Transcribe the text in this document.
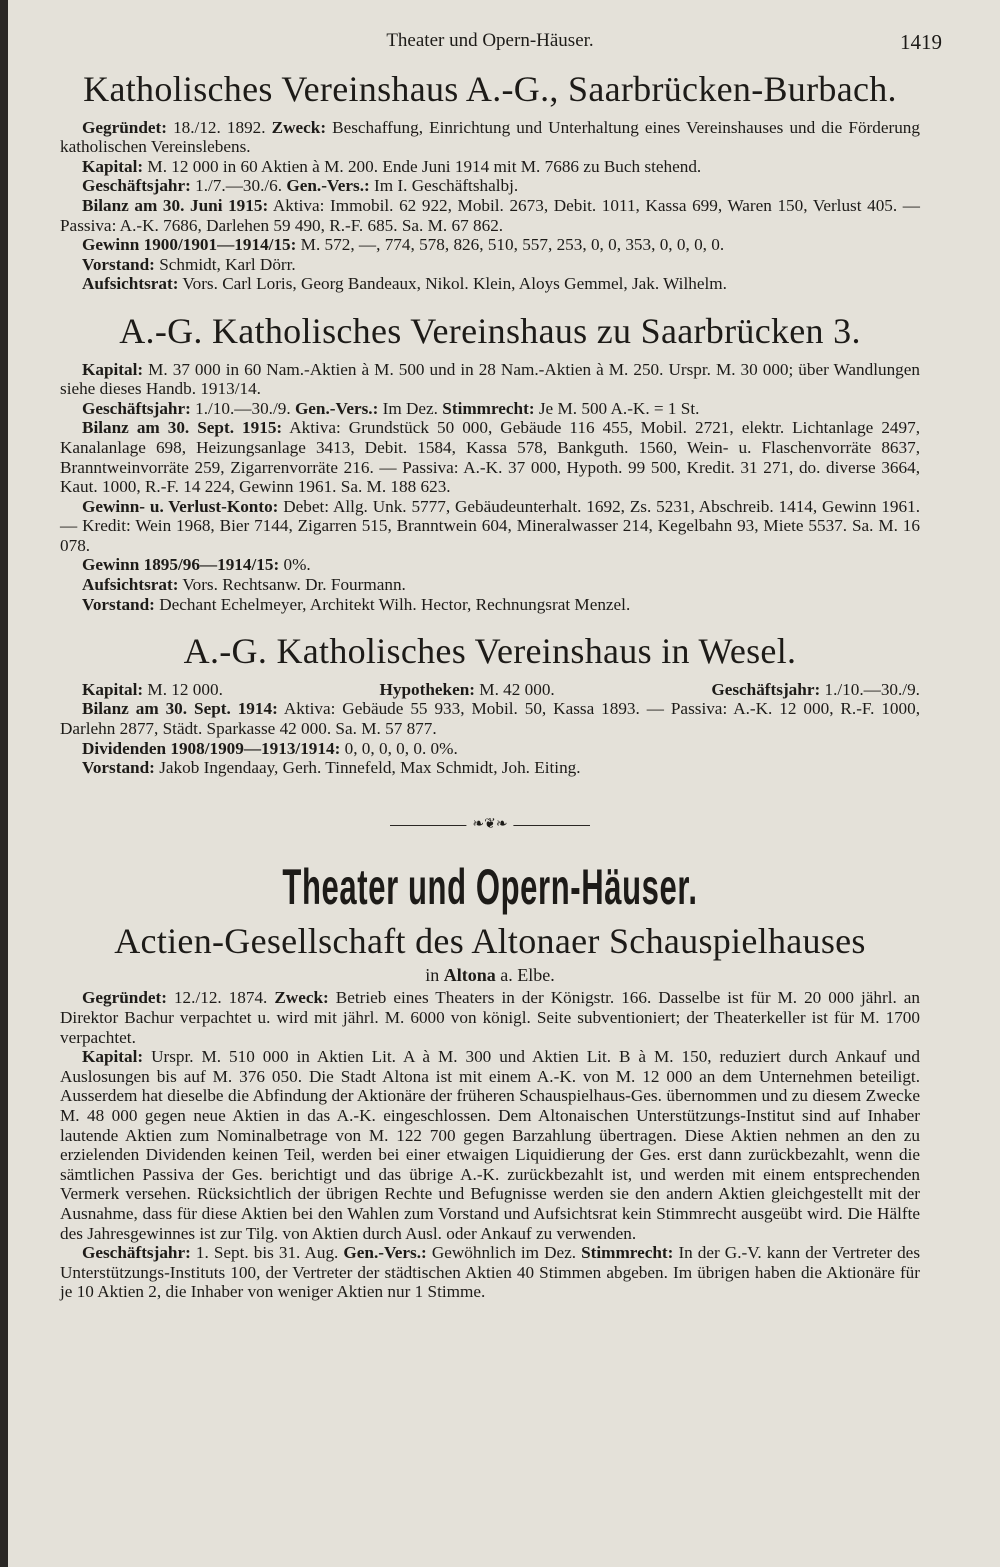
Theater und Opern-Häuser.	1419
Katholisches Vereinshaus A.-G., Saarbrücken-Burbach.

Gegründet: 18./12. 1892. Zweck: Beschaffung, Einrichtung und Unterhaltung eines Vereinshauses und die Förderung katholischen Vereinslebens.

Kapital: M. 12 000 in 60 Aktien à M. 200. Ende Juni 1914 mit M. 7686 zu Buch stehend.

Geschäftsjahr: 1./7.—30./6. Gen.-Vers.: Im I. Geschäftshalbj.

Bilanz am 30. Juni 1915: Aktiva: Immobil. 62 922, Mobil. 2673, Debit. 1011, Kassa 699, Waren 150, Verlust 405. — Passiva: A.-K. 7686, Darlehen 59 490, R.-F. 685. Sa. M. 67 862.

Gewinn 1900/1901—1914/15: M. 572, —, 774, 578, 826, 510, 557, 253, 0, 0, 353, 0, 0, 0, 0.

Vorstand: Schmidt, Karl Dörr.

Aufsichtsrat: Vors. Carl Loris, Georg Bandeaux, Nikol. Klein, Aloys Gemmel, Jak. Wilhelm.

A.-G. Katholisches Vereinshaus zu Saarbrücken 3.

Kapital: M. 37 000 in 60 Nam.-Aktien à M. 500 und in 28 Nam.-Aktien à M. 250. Urspr. M. 30 000; über Wandlungen siehe dieses Handb. 1913/14.

Geschäftsjahr: 1./10.—30./9. Gen.-Vers.: Im Dez. Stimmrecht: Je M. 500 A.-K. = 1 St.

Bilanz am 30. Sept. 1915: Aktiva: Grundstück 50 000, Gebäude 116 455, Mobil. 2721, elektr. Lichtanlage 2497, Kanalanlage 698, Heizungsanlage 3413, Debit. 1584, Kassa 578, Bankguth. 1560, Wein- u. Flaschenvorräte 8637, Branntweinvorräte 259, Zigarrenvorräte 216. — Passiva: A.-K. 37 000, Hypoth. 99 500, Kredit. 31 271, do. diverse 3664, Kaut. 1000, R.-F. 14 224, Gewinn 1961. Sa. M. 188 623.

Gewinn- u. Verlust-Konto: Debet: Allg. Unk. 5777, Gebäudeunterhalt. 1692, Zs. 5231, Abschreib. 1414, Gewinn 1961. — Kredit: Wein 1968, Bier 7144, Zigarren 515, Branntwein 604, Mineralwasser 214, Kegelbahn 93, Miete 5537. Sa. M. 16 078.

Gewinn 1895/96—1914/15: 0%.

Aufsichtsrat: Vors. Rechtsanw. Dr. Fourmann.

Vorstand: Dechant Echelmeyer, Architekt Wilh. Hector, Rechnungsrat Menzel.

A.-G. Katholisches Vereinshaus in Wesel.
Kapital: M. 12 000.	Hypotheken: M. 42 000.	Geschäftsjahr: 1./10.—30./9.

Bilanz am 30. Sept. 1914: Aktiva: Gebäude 55 933, Mobil. 50, Kassa 1893. — Passiva: A.-K. 12 000, R.-F. 1000, Darlehn 2877, Städt. Sparkasse 42 000. Sa. M. 57 877.

Dividenden 1908/1909—1913/1914: 0, 0, 0, 0, 0. 0%.

Vorstand: Jakob Ingendaay, Gerh. Tinnefeld, Max Schmidt, Joh. Eiting.

❧❦❧
Theater und Opern-Häuser.
Actien-Gesellschaft des Altonaer Schauspielhauses
in Altona a. Elbe.

Gegründet: 12./12. 1874. Zweck: Betrieb eines Theaters in der Königstr. 166. Dasselbe ist für M. 20 000 jährl. an Direktor Bachur verpachtet u. wird mit jährl. M. 6000 von königl. Seite subventioniert; der Theaterkeller ist für M. 1700 verpachtet.

Kapital: Urspr. M. 510 000 in Aktien Lit. A à M. 300 und Aktien Lit. B à M. 150, reduziert durch Ankauf und Auslosungen bis auf M. 376 050. Die Stadt Altona ist mit einem A.-K. von M. 12 000 an dem Unternehmen beteiligt. Ausserdem hat dieselbe die Abfindung der Aktionäre der früheren Schauspielhaus-Ges. übernommen und zu diesem Zwecke M. 48 000 gegen neue Aktien in das A.-K. eingeschlossen. Dem Altonaischen Unterstützungs-Institut sind auf Inhaber lautende Aktien zum Nominalbetrage von M. 122 700 gegen Barzahlung übertragen. Diese Aktien nehmen an den zu erzielenden Dividenden keinen Teil, werden bei einer etwaigen Liquidierung der Ges. erst dann zurückbezahlt, wenn die sämtlichen Passiva der Ges. berichtigt und das übrige A.-K. zurückbezahlt ist, und werden mit einem entsprechenden Vermerk versehen. Rücksichtlich der übrigen Rechte und Befugnisse werden sie den andern Aktien gleichgestellt mit der Ausnahme, dass für diese Aktien bei den Wahlen zum Vorstand und Aufsichtsrat kein Stimmrecht ausgeübt wird. Die Hälfte des Jahresgewinnes ist zur Tilg. von Aktien durch Ausl. oder Ankauf zu verwenden.

Geschäftsjahr: 1. Sept. bis 31. Aug. Gen.-Vers.: Gewöhnlich im Dez. Stimmrecht: In der G.-V. kann der Vertreter des Unterstützungs-Instituts 100, der Vertreter der städtischen Aktien 40 Stimmen abgeben. Im übrigen haben die Aktionäre für je 10 Aktien 2, die Inhaber von weniger Aktien nur 1 Stimme.
